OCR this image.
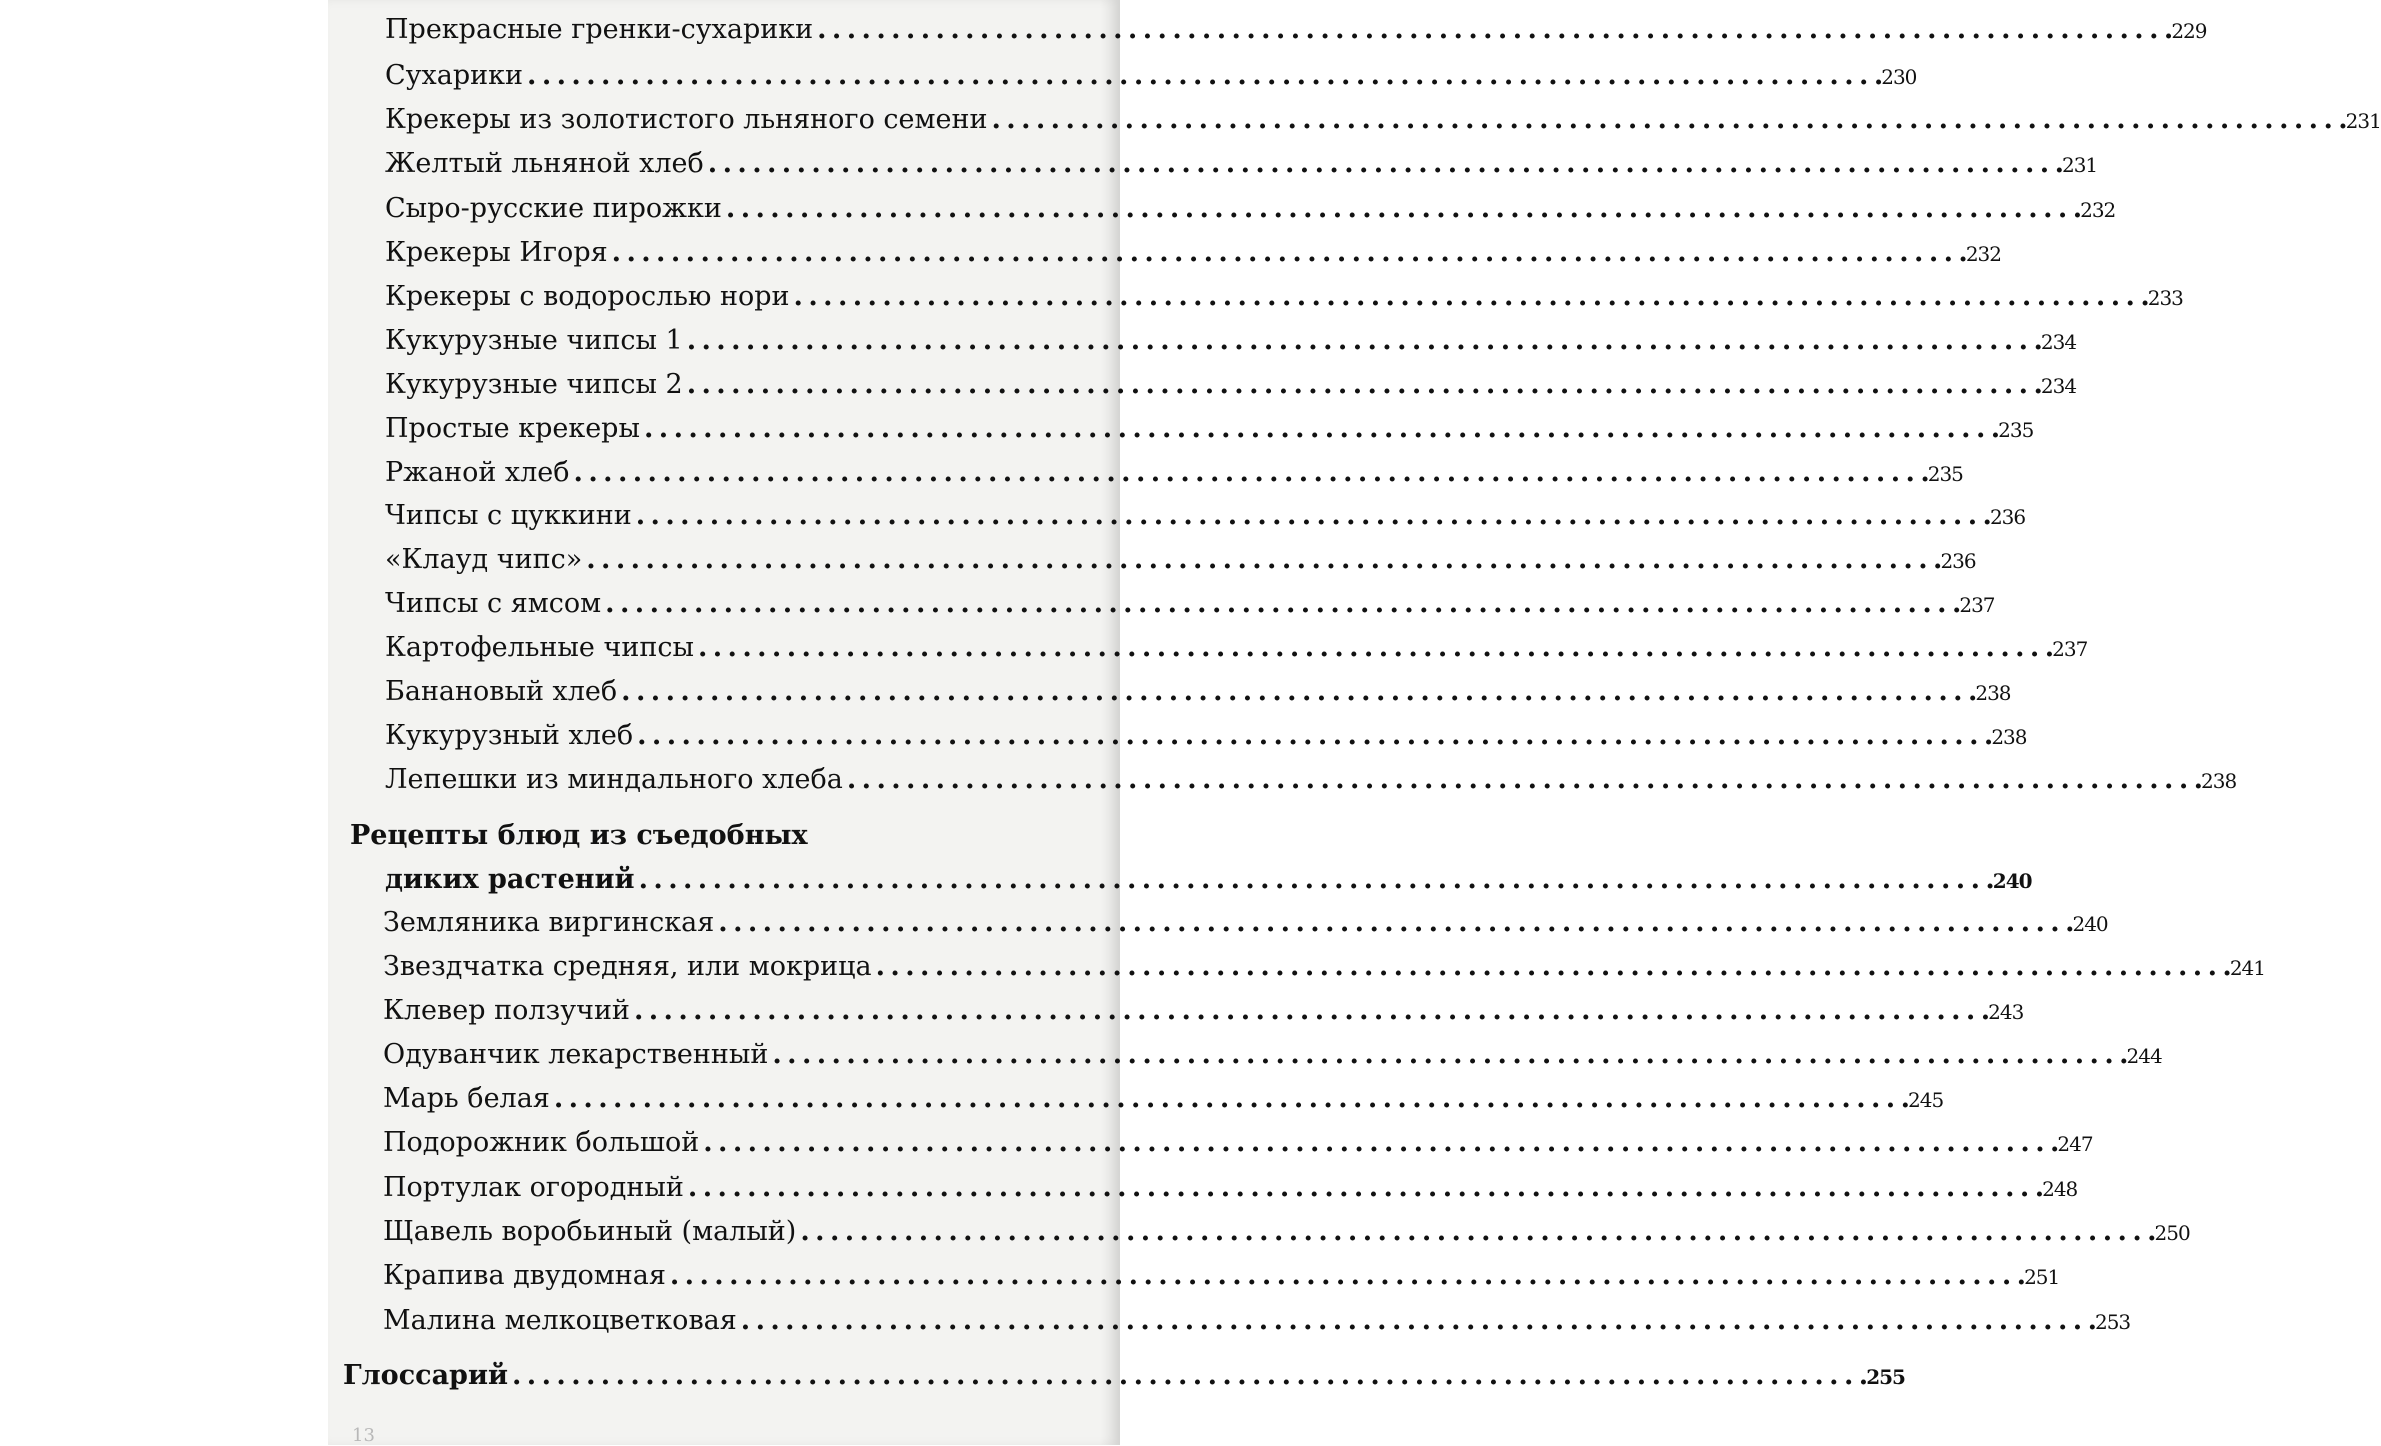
Прекрасные гренки-сухарики . . .	229
Сухарики . . .	230
Крекеры из золотистого льняного семени . . .	231
Желтый льняной хлеб . . .	231
Сыро-русские пирожки . . .	232
Крекеры Игоря . . .	232
Крекеры с водорослью нори . . .	233
Кукурузные чипсы 1 . . .	234
Кукурузные чипсы 2 . . .	234
Простые крекеры . . .	235
Ржаной хлеб . . .	235
Чипсы с цуккини . . .	236
«Клауд чипс» . . .	236
Чипсы с ямсом . . .	237
Картофельные чипсы . . .	237
Банановый хлеб . . .	238
Кукурузный хлеб . . .	238
Лепешки из миндального хлеба . . .	238
Рецепты блюд из съедобных
диких растений . . .	240
Земляника виргинская . . .	240
Звездчатка средняя, или мокрица . . .	241
Клевер ползучий . . .	243
Одуванчик лекарственный . . .	244
Марь белая . . .	245
Подорожник большой . . .	247
Портулак огородный . . .	248
Щавель воробьиный (малый) . . .	250
Крапива двудомная . . .	251
Малина мелкоцветковая . . .	253
Глоссарий . . .	255
13
